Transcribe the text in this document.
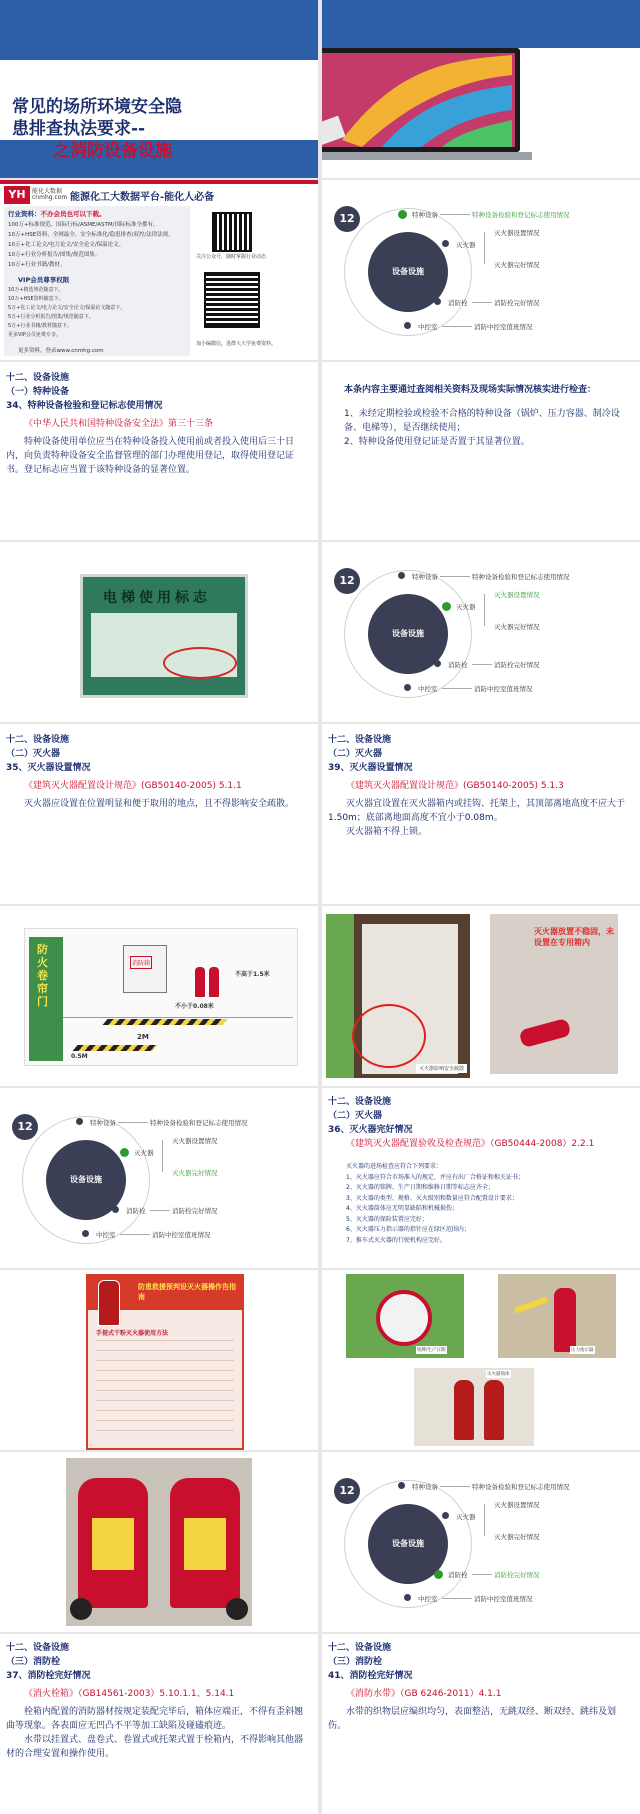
常见的场所环境安全隐
患排查执法要求--
之消防设备设施
YH	能化大数据
cnmhg.com 能源化工大数据平台-能化人必备
行业资料：不办会员也可以下载。
100万+标准规范、国际行标/ASME/ASTM/国际标准全都有。
10万+HSE资料、全网最全、安全标准化/隐患排查/双控/法律法规。
10万+化工论文/电力论文/安全论文/保温论文。
10万+行业分析报告/图集/规范图集。
10万+行业书籍/教材。
VIP会员尊享权限
10万+精选规范随意下。
10万+HSE资料随意下。
5万+化工论文/电力论文/安全论文/保温论文随意下。
5万+行业分析报告/图集/规范随意下。
5万+行业书籍/教材随意下。
更多VIP会员免费专享。
更多资料，登录www.cnmhg.com
关注公众号，随时掌握行业动态
加小编微信，进群大大学免费资料。
设备设施
12	特种设备	特种设备检验和登记标志使用情况
灭火器
灭火器设置情况
灭火器完好情况
消防栓	消防栓完好情况
中控室	消防中控室值班情况
十二、设备设施
（一）特种设备
34、特种设备检验和登记标志使用情况
《中华人民共和国特种设备安全法》第三十三条
特种设备使用单位应当在特种设备投入使用前或者投入使用后三十日内，向负责特种设备安全监督管理的部门办理使用登记，取得使用登记证书。登记标志应当置于该特种设备的显著位置。
本条内容主要通过查阅相关资料及现场实际情况核实进行检查：
1、未经定期检验或检验不合格的特种设备（锅炉、压力容器、制冷设备、电梯等），是否继续使用；
2、特种设备使用登记证是否置于其显著位置。
电梯使用标志
设备设施
12	特种设备	特种设备检验和登记标志使用情况
灭火器
灭火器设置情况
灭火器完好情况
消防栓	消防栓完好情况
中控室	消防中控室值班情况
十二、设备设施
（二）灭火器
35、灭火器设置情况
《建筑灭火器配置设计规范》(GB50140-2005) 5.1.1
灭火器应设置在位置明显和便于取用的地点，且不得影响安全疏散。
十二、设备设施
（二）灭火器
39、灭火器设置情况
《建筑灭火器配置设计规范》(GB50140-2005) 5.1.3
灭火器宜设置在灭火器箱内或挂钩、托架上，其顶部离地高度不应大于1.50m；底部离地面高度不宜小于0.08m。
灭火器箱不得上锁。
防火卷帘门
消防箱
不高于1.5米
不小于0.08米
2M
0.5M
灭火器影响安全疏散
灭火器放置不稳固，未设置在专用箱内
设备设施
12	特种设备	特种设备检验和登记标志使用情况
灭火器
灭火器设置情况
灭火器完好情况
消防栓	消防栓完好情况
中控室	消防中控室值班情况
十二、设备设施
（二）灭火器
36、灭火器完好情况
《建筑灭火器配置验收及检查规范》（GB50444-2008）2.2.1
灭火器的进场检查应符合下列要求：
1、灭火器应符合市场准入的规定，并应有出厂合格证和相关证书；
2、灭火器的铭牌、生产日期和维修日期等标志应齐全；
3、灭火器的类型、规格、灭火级别和数量应符合配置设计要求；
4、灭火器筒体应无明显缺陷和机械损伤；
5、灭火器的保险装置应完好；
6、灭火器压力指示器的指针应在绿区范围内；
7、推车式灭火器的行驶机构应完好。
防患救援预判设灭火器操作告指南
手提式干粉灭火器使用方法
铭牌/生产日期	压力指示器
灭火器筒体
设备设施
12	特种设备	特种设备检验和登记标志使用情况
灭火器
灭火器设置情况
灭火器完好情况
消防栓	消防栓完好情况
中控室	消防中控室值班情况
十二、设备设施
（三）消防栓
37、消防栓完好情况
《消火栓箱》（GB14561-2003）5.10.1.1、5.14.1
栓箱内配置的消防器材按规定装配完毕后，箱体应端正，不得有歪斜翘曲等现象。各表面应无凹凸不平等加工缺陷及碰磕痕迹。
水带以挂置式、盘卷式、卷置式或托架式置于栓箱内，不得影响其他器材的合理安置和操作使用。
十二、设备设施
（三）消防栓
41、消防栓完好情况
《消防水带》（GB 6246-2011）4.1.1
水带的织物层应编织均匀，表面整洁，无跳双经、断双经、跳纬及划伤。
